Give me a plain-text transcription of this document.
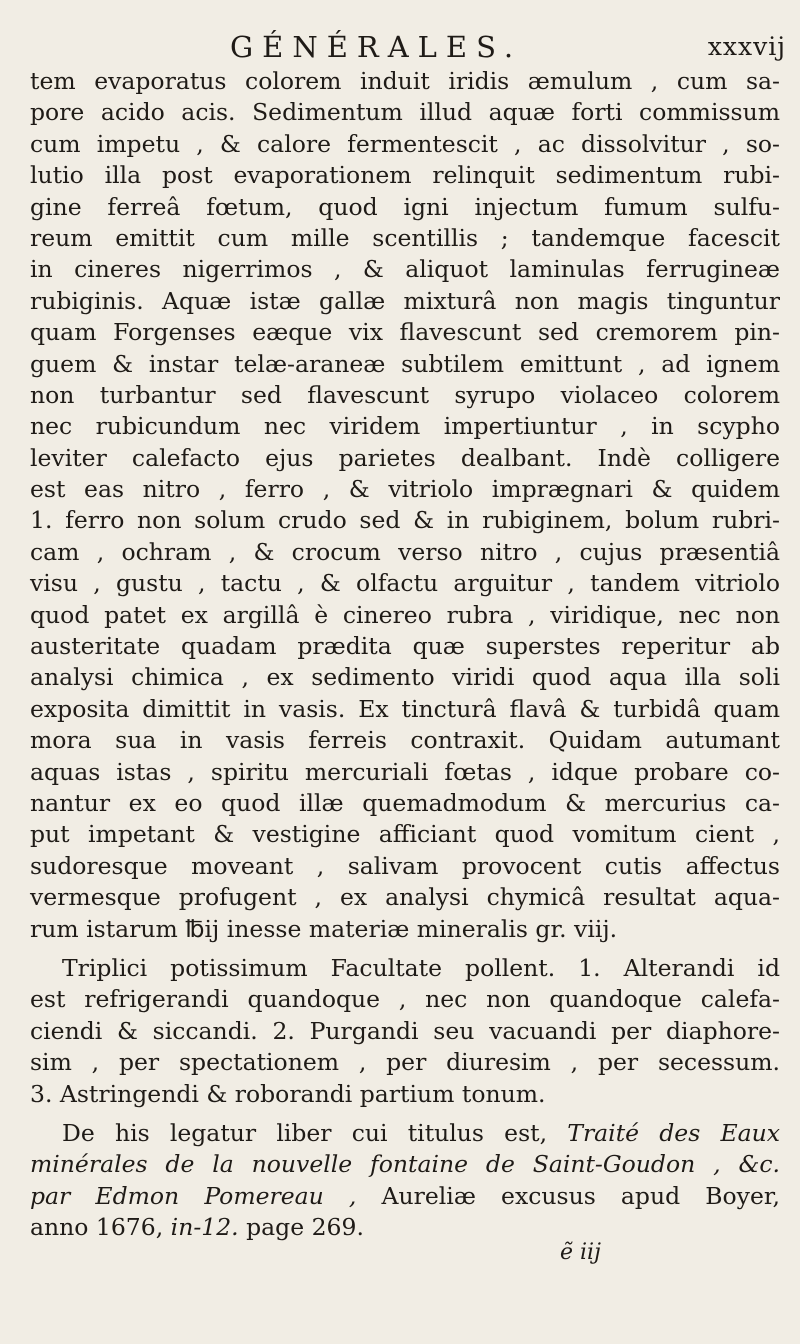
GÉNÉRALES.	xxxvij
tem evaporatus colorem induit iridis æmulum , cum sa-
pore acido acis. Sedimentum illud aquæ forti commissum
cum impetu , & calore fermentescit , ac dissolvitur , so-
lutio illa post evaporationem relinquit sedimentum rubi-
gine ferreâ fœtum, quod igni injectum fumum sulfu-
reum emittit cum mille scentillis ; tandemque facescit
in cineres nigerrimos , & aliquot laminulas ferrugineæ
rubiginis. Aquæ istæ gallæ mixturâ non magis tinguntur
quam Forgenses eæque vix flavescunt sed cremorem pin-
guem & instar telæ-araneæ subtilem emittunt , ad ignem
non turbantur sed flavescunt syrupo violaceo colorem
nec rubicundum nec viridem impertiuntur , in scypho
leviter calefacto ejus parietes dealbant. Indè colligere
est eas nitro , ferro , & vitriolo imprægnari & quidem
1. ferro non solum crudo sed & in rubiginem, bolum rubri-
cam , ochram , & crocum verso nitro , cujus præsentiâ
visu , gustu , tactu , & olfactu arguitur , tandem vitriolo
quod patet ex argillâ è cinereo rubra , viridique, nec non
austeritate quadam prædita quæ superstes reperitur ab
analysi chimica , ex sedimento viridi quod aqua illa soli
exposita dimittit in vasis. Ex tincturâ flavâ & turbidâ quam
mora sua in vasis ferreis contraxit. Quidam autumant
aquas istas , spiritu mercuriali fœtas , idque probare co-
nantur ex eo quod illæ quemadmodum & mercurius ca-
put impetant & vestigine afficiant quod vomitum cient ,
sudoresque moveant , salivam provocent cutis affectus
vermesque profugent , ex analysi chymicâ resultat aqua-
rum istarum ℔ij inesse materiæ mineralis gr. viij.
Triplici potissimum Facultate pollent. 1. Alterandi id
est refrigerandi quandoque , nec non quandoque calefa-
ciendi & siccandi. 2. Purgandi seu vacuandi per diaphore-
sim , per spectationem , per diuresim , per secessum.
3. Astringendi & roborandi partium tonum.
De his legatur liber cui titulus est, Traité des Eaux
minérales de la nouvelle fontaine de Saint-Goudon , &c.
par Edmon Pomereau , Aureliæ excusus apud Boyer,
anno 1676, in-12. page 269.
ẽ iij
